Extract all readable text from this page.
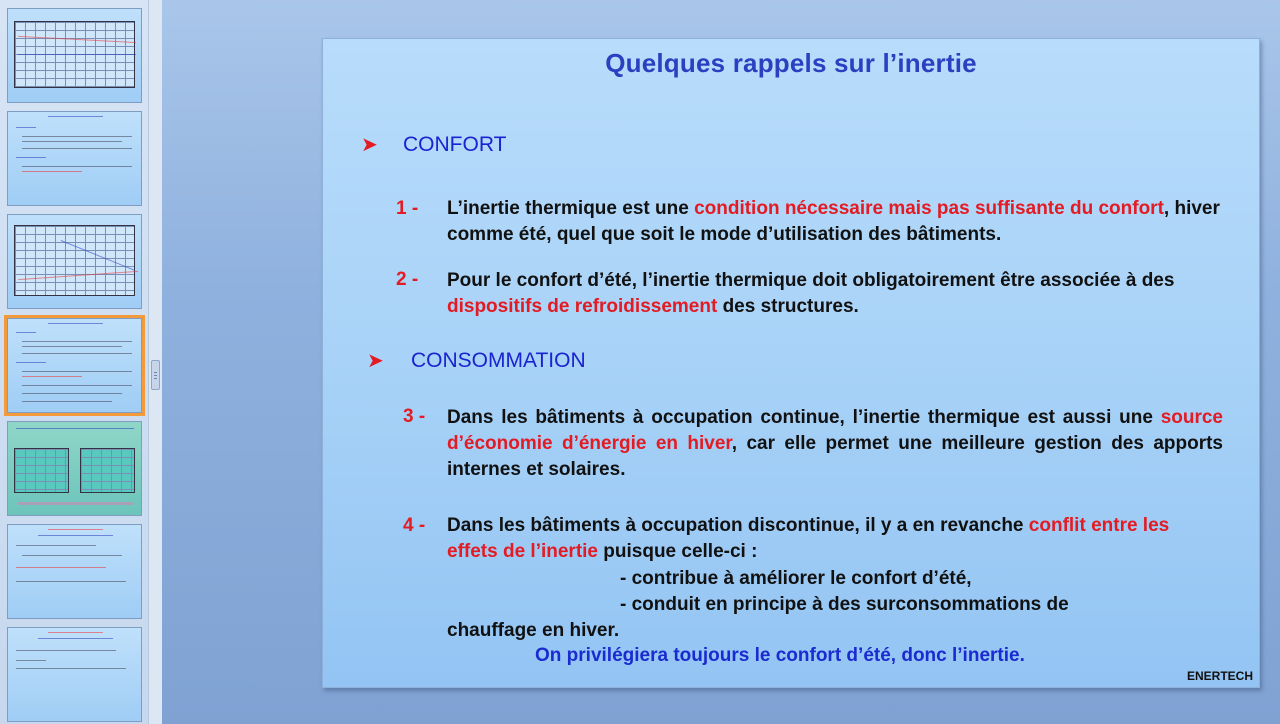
Quelques rappels sur l’inertie
➤ CONFORT
1 - L’inertie thermique est une condition nécessaire mais pas suffisante du confort, hiver comme été, quel que soit le mode d’utilisation des bâtiments.
2 - Pour le confort d’été, l’inertie thermique doit obligatoirement être associée à des dispositifs de refroidissement des structures.
➤ CONSOMMATION
3 - Dans les bâtiments à occupation continue, l’inertie thermique est aussi une source d’économie d’énergie en hiver, car elle permet une meilleure gestion des apports internes et solaires.
4 - Dans les bâtiments à occupation discontinue, il y a en revanche conflit entre les effets de l’inertie puisque celle-ci :
- contribue à améliorer le confort d’été,
- conduit en principe à des surconsommations de
chauffage en hiver.
On privilégiera toujours le confort d’été, donc l’inertie.
ENERTECH
